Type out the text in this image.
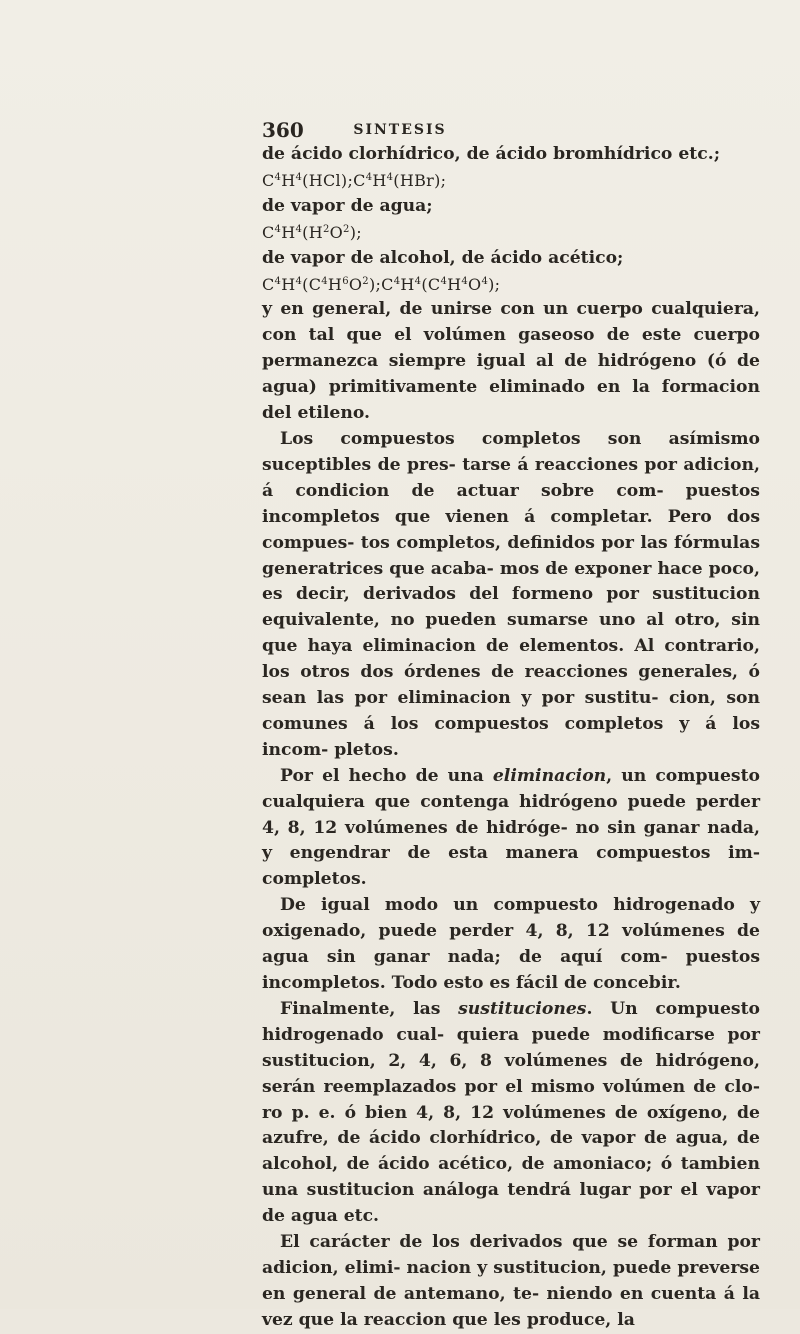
360	SINTESIS

de ácido clorhídrico, de ácido bromhídrico etc.;

$C^4H^4(HCl);C^4H^4(HBr)$;

de vapor de agua;

$C^4H^4(H^2O^2)$;

de vapor de alcohol, de ácido acético;

$C^4H^4(C^4H^6O^2);C^4H^4(C^4H^4O^4)$;

y en general, de unirse con un cuerpo cualquiera, con tal que el volúmen gaseoso de este cuerpo permanezca siempre igual al de hidrógeno (ó de agua) primitivamente eliminado en la formacion del etileno.

Los compuestos completos son asímismo suceptibles de pres- tarse á reacciones por adicion, á condicion de actuar sobre com- puestos incompletos que vienen á completar. Pero dos compues- tos completos, definidos por las fórmulas generatrices que acaba- mos de exponer hace poco, es decir, derivados del formeno por sustitucion equivalente, no pueden sumarse uno al otro, sin que haya eliminacion de elementos. Al contrario, los otros dos órdenes de reacciones generales, ó sean las por eliminacion y por sustitu- cion, son comunes á los compuestos completos y á los incom- pletos.

Por el hecho de una eliminacion, un compuesto cualquiera que contenga hidrógeno puede perder 4, 8, 12 volúmenes de hidróge- no sin ganar nada, y engendrar de esta manera compuestos im- completos.

De igual modo un compuesto hidrogenado y oxigenado, puede perder 4, 8, 12 volúmenes de agua sin ganar nada; de aquí com- puestos incompletos. Todo esto es fácil de concebir.

Finalmente, las sustituciones. Un compuesto hidrogenado cual- quiera puede modificarse por sustitucion, 2, 4, 6, 8 volúmenes de hidrógeno, serán reemplazados por el mismo volúmen de clo- ro p. e. ó bien 4, 8, 12 volúmenes de oxígeno, de azufre, de ácido clorhídrico, de vapor de agua, de alcohol, de ácido acético, de amoniaco; ó tambien una sustitucion análoga tendrá lugar por el vapor de agua etc.

El carácter de los derivados que se forman por adicion, elimi- nacion y sustitucion, puede preverse en general de antemano, te- niendo en cuenta á la vez que la reaccion que les produce, la
